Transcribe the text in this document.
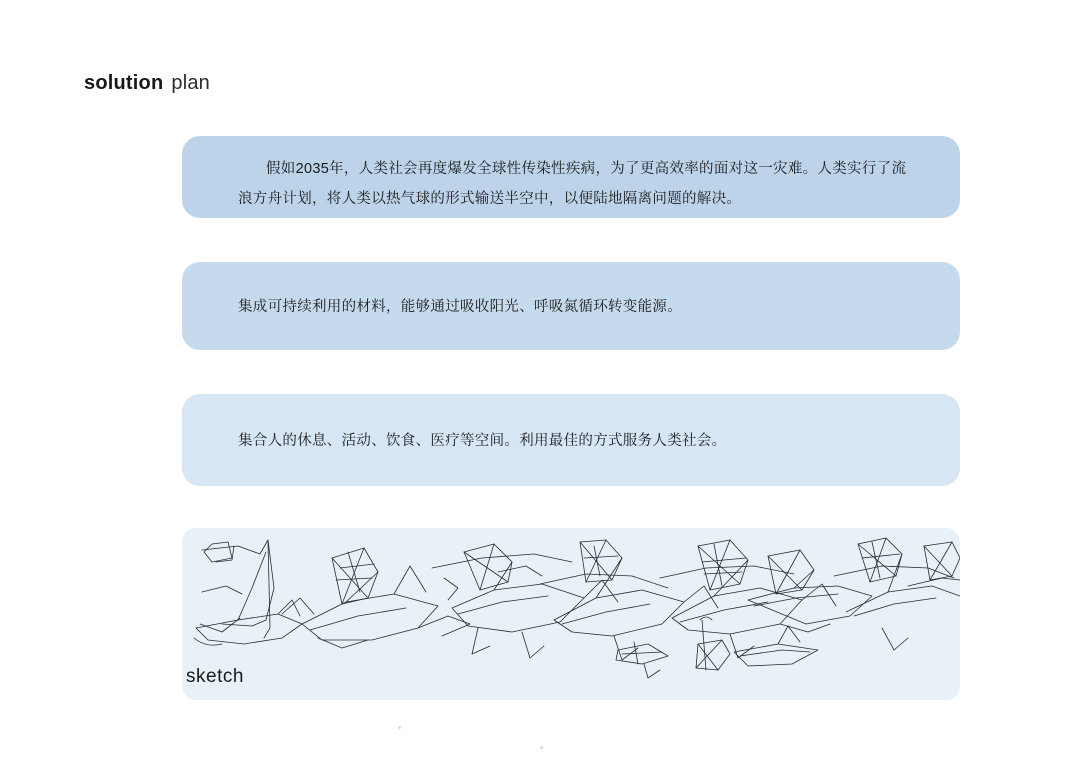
solution plan
假如2035年，人类社会再度爆发全球性传染性疾病，为了更高效率的面对这一灾难。人类实行了流浪方舟计划，将人类以热气球的形式输送半空中，以便陆地隔离问题的解决。
集成可持续利用的材料，能够通过吸收阳光、呼吸氮循环转变能源。
集合人的休息、活动、饮食、医疗等空间。利用最佳的方式服务人类社会。
sketch
